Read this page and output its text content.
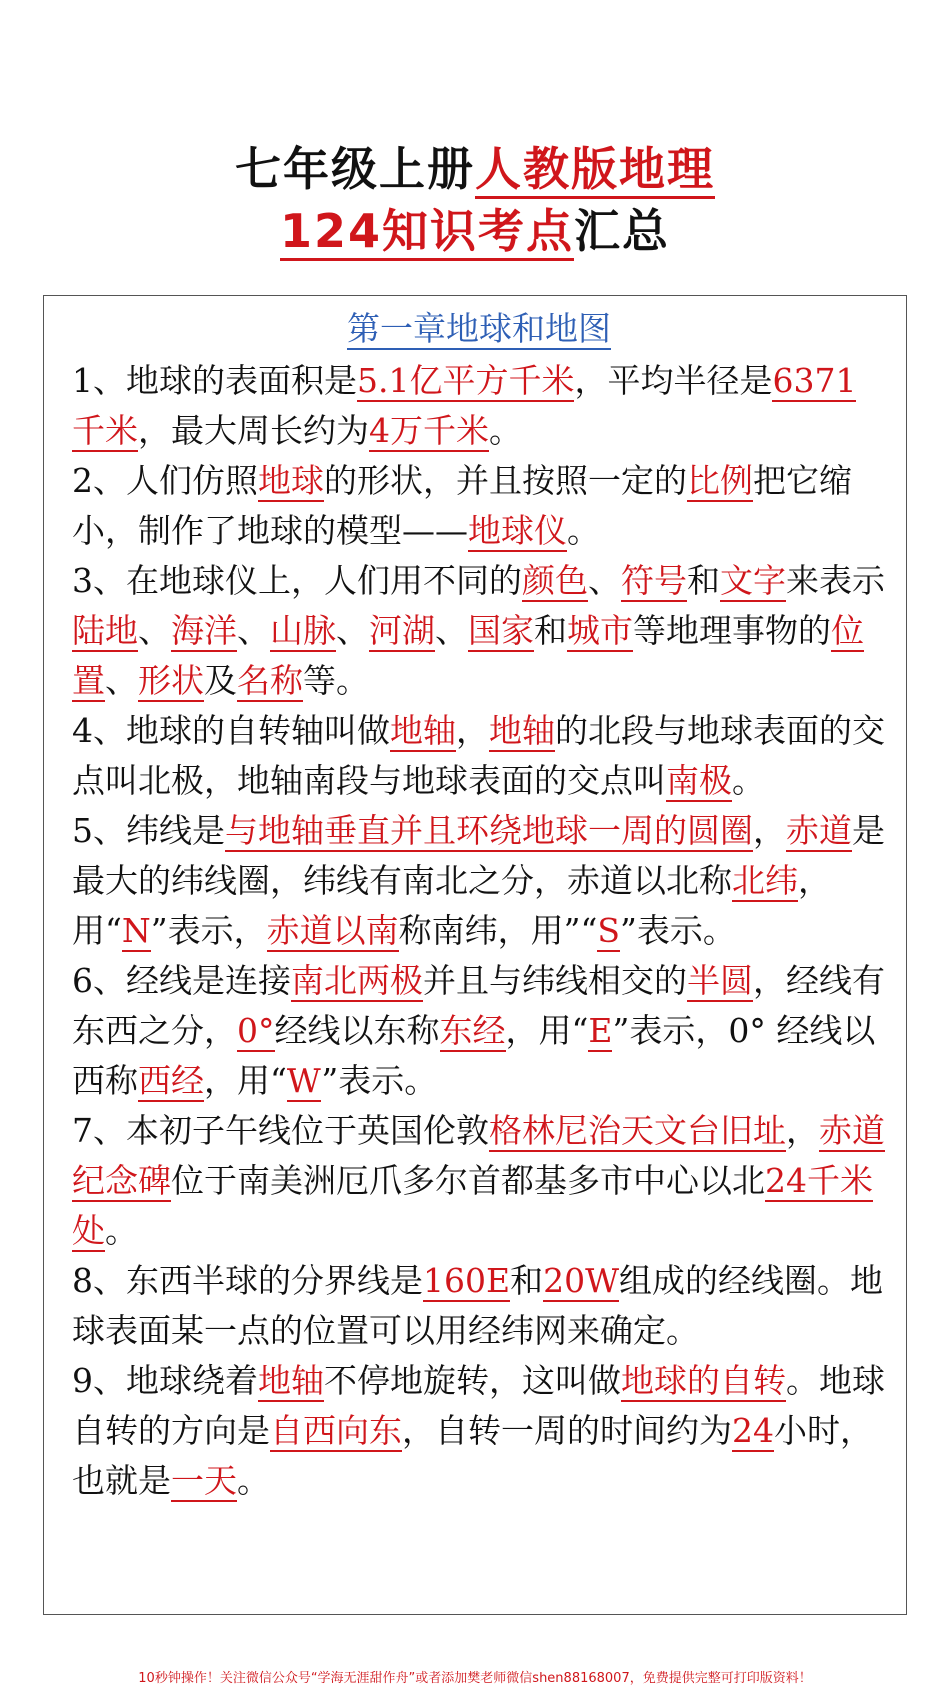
七年级上册人教版地理
124知识考点汇总
第一章地球和地图

1、地球的表面积是5.1亿平方千米，平均半径是6371千米，最大周长约为4万千米。

2、人们仿照地球的形状，并且按照一定的比例把它缩小，制作了地球的模型——地球仪。

3、在地球仪上，人们用不同的颜色、符号和文字来表示陆地、海洋、山脉、河湖、国家和城市等地理事物的位置、形状及名称等。

4、地球的自转轴叫做地轴，地轴的北段与地球表面的交点叫北极，地轴南段与地球表面的交点叫南极。

5、纬线是与地轴垂直并且环绕地球一周的圆圈，赤道是最大的纬线圈，纬线有南北之分，赤道以北称北纬，用“N”表示，赤道以南称南纬，用”“S”表示。

6、经线是连接南北两极并且与纬线相交的半圆，经线有东西之分，0°经线以东称东经，用“E”表示，0° 经线以西称西经，用“W”表示。

7、本初子午线位于英国伦敦格林尼治天文台旧址，赤道纪念碑位于南美洲厄爪多尔首都基多市中心以北24千米处。

8、东西半球的分界线是160E和20W组成的经线圈。地球表面某一点的位置可以用经纬网来确定。

9、地球绕着地轴不停地旋转，这叫做地球的自转。地球自转的方向是自西向东，自转一周的时间约为24小时，也就是一天。

10秒钟操作！关注微信公众号“学海无涯甜作舟”或者添加樊老师微信shen88168007，免费提供完整可打印版资料！
